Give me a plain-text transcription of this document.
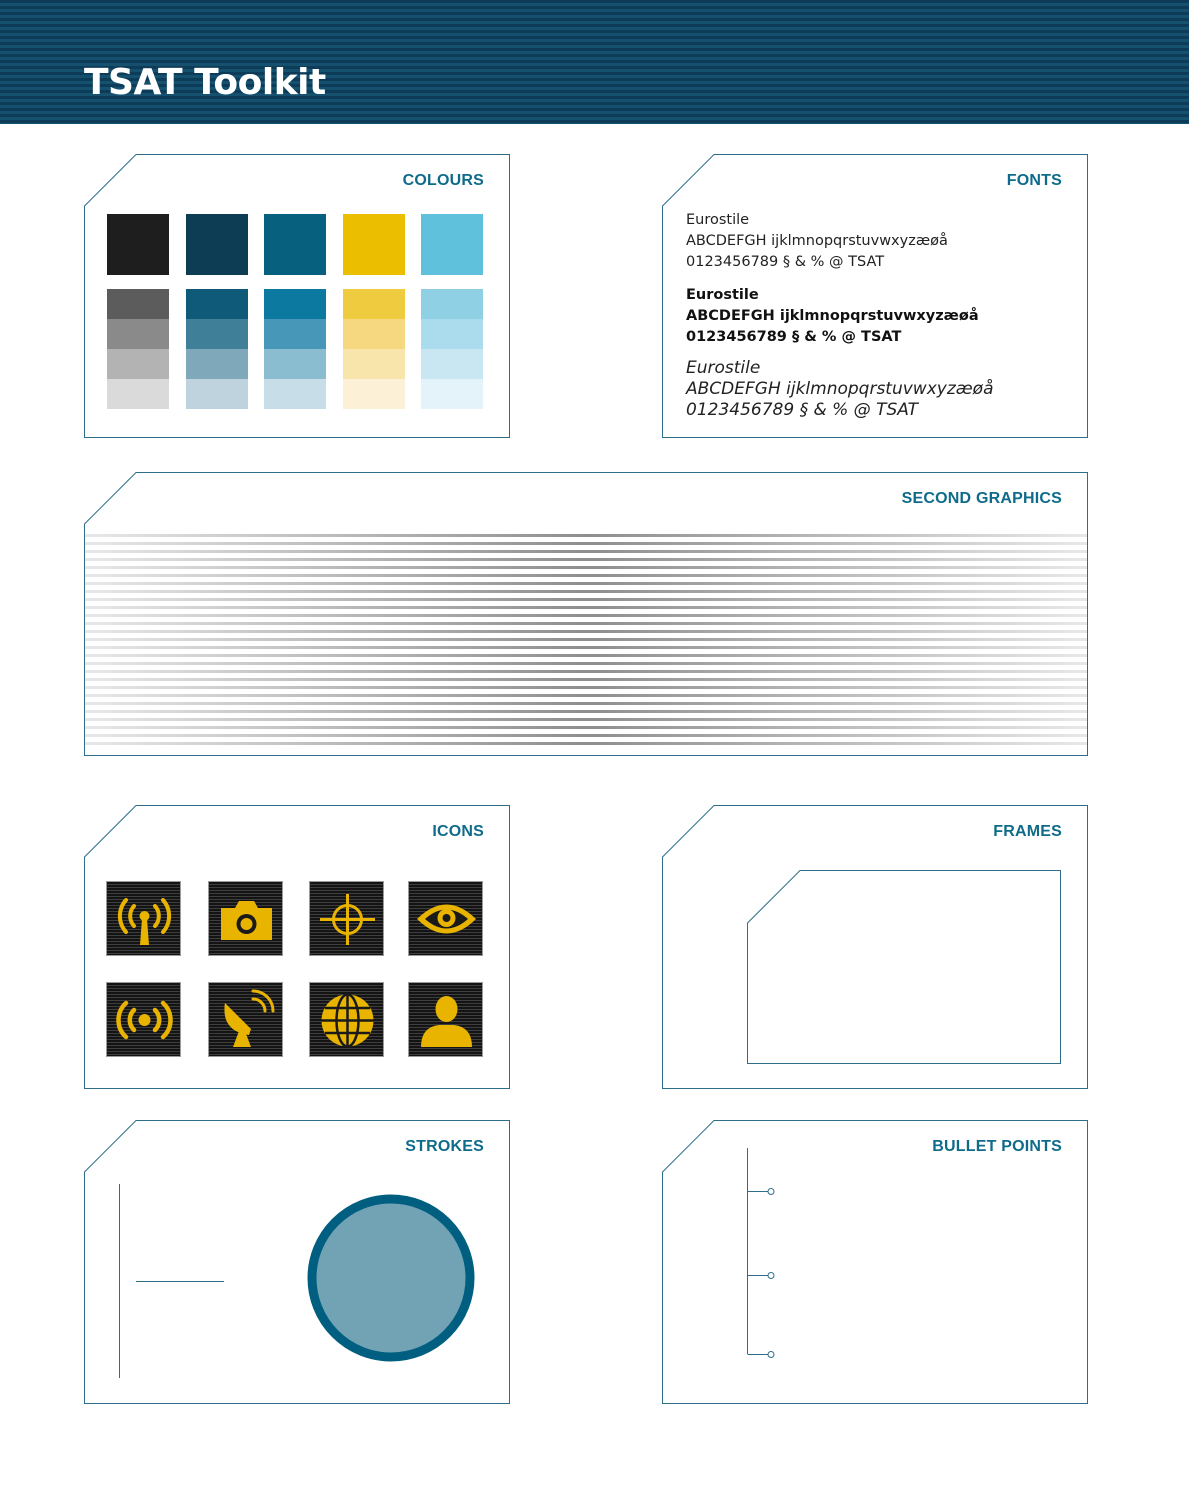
TSAT Toolkit
COLOURS	FONTS
Eurostile
ABCDEFGH ijklmnopqrstuvwxyzæøå
0123456789 § & % @ TSAT
Eurostile
ABCDEFGH ijklmnopqrstuvwxyzæøå
0123456789 § & % @ TSAT
Eurostile
ABCDEFGH ijklmnopqrstuvwxyzæøå
0123456789 § & % @ TSAT
SECOND GRAPHICS
ICONS	FRAMES
STROKES	BULLET POINTS
